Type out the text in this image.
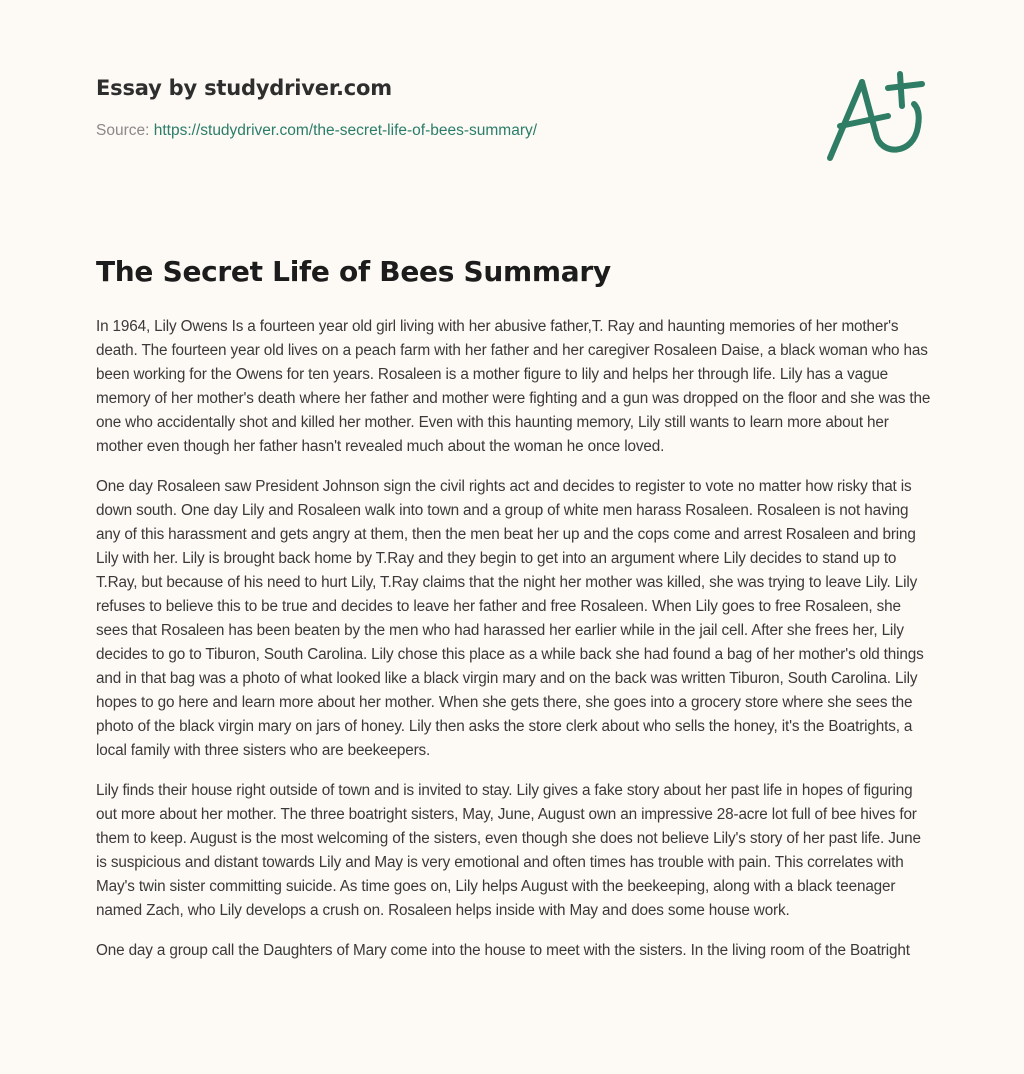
Essay by studydriver.com
Source: https://studydriver.com/the-secret-life-of-bees-summary/
The Secret Life of Bees Summary

In 1964, Lily Owens Is a fourteen year old girl living with her abusive father,T. Ray and haunting memories of her mother's death. The fourteen year old lives on a peach farm with her father and her caregiver Rosaleen Daise, a black woman who has been working for the Owens for ten years. Rosaleen is a mother figure to lily and helps her through life. Lily has a vague memory of her mother's death where her father and mother were fighting and a gun was dropped on the floor and she was the one who accidentally shot and killed her mother. Even with this haunting memory, Lily still wants to learn more about her mother even though her father hasn't revealed much about the woman he once loved.

One day Rosaleen saw President Johnson sign the civil rights act and decides to register to vote no matter how risky that is down south. One day Lily and Rosaleen walk into town and a group of white men harass Rosaleen. Rosaleen is not having any of this harassment and gets angry at them, then the men beat her up and the cops come and arrest Rosaleen and bring Lily with her. Lily is brought back home by T.Ray and they begin to get into an argument where Lily decides to stand up to T.Ray, but because of his need to hurt Lily, T.Ray claims that the night her mother was killed, she was trying to leave Lily. Lily refuses to believe this to be true and decides to leave her father and free Rosaleen. When Lily goes to free Rosaleen, she sees that Rosaleen has been beaten by the men who had harassed her earlier while in the jail cell. After she frees her, Lily decides to go to Tiburon, South Carolina. Lily chose this place as a while back she had found a bag of her mother's old things and in that bag was a photo of what looked like a black virgin mary and on the back was written Tiburon, South Carolina. Lily hopes to go here and learn more about her mother. When she gets there, she goes into a grocery store where she sees the photo of the black virgin mary on jars of honey. Lily then asks the store clerk about who sells the honey, it's the Boatrights, a local family with three sisters who are beekeepers.

Lily finds their house right outside of town and is invited to stay. Lily gives a fake story about her past life in hopes of figuring out more about her mother. The three boatright sisters, May, June, August own an impressive 28-acre lot full of bee hives for them to keep. August is the most welcoming of the sisters, even though she does not believe Lily's story of her past life. June is suspicious and distant towards Lily and May is very emotional and often times has trouble with pain. This correlates with May's twin sister committing suicide. As time goes on, Lily helps August with the beekeeping, along with a black teenager named Zach, who Lily develops a crush on. Rosaleen helps inside with May and does some house work.

One day a group call the Daughters of Mary come into the house to meet with the sisters. In the living room of the Boatright
